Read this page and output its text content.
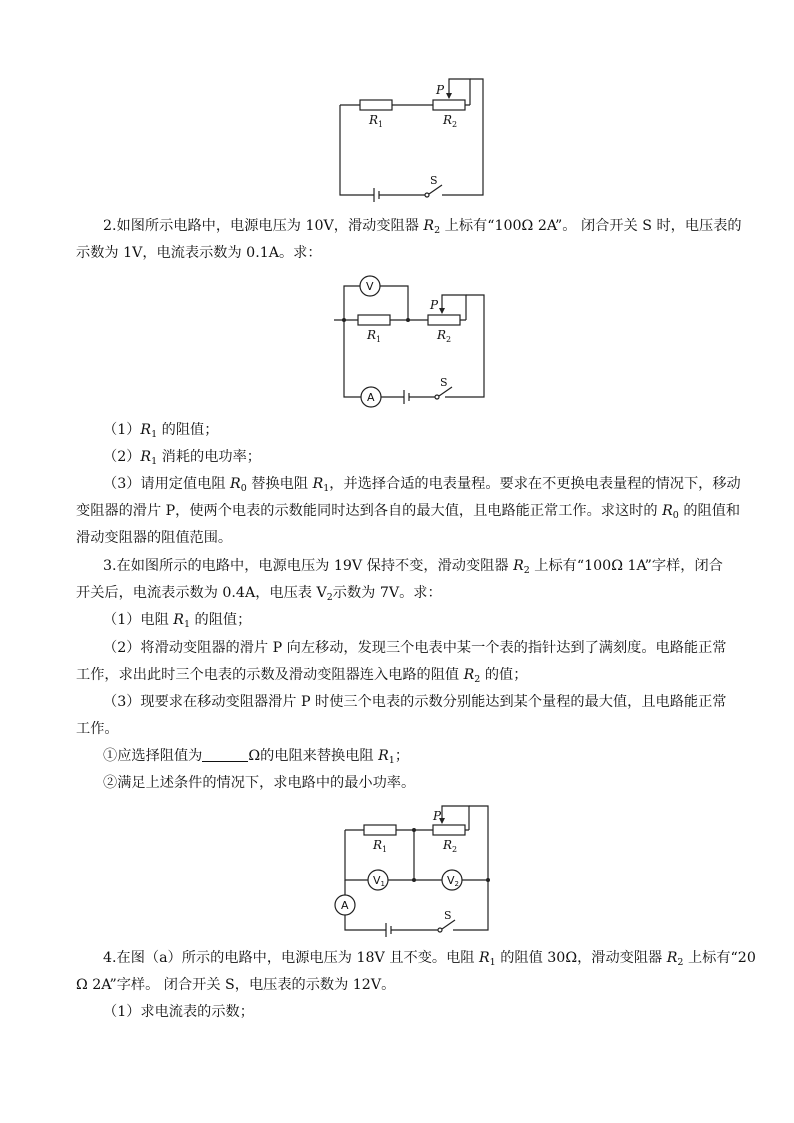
$R_1$	$R_2$
P
S
2.如图所示电路中，电源电压为 10V，滑动变阻器 $R_2$ 上标有“100Ω 2A”。 闭合开关 S 时，电压表的
示数为 1V，电流表示数为 0.1A。求：
V
A
$R_1$	$R_2$
P
S
$(1)R_1$ 的阻值；
$(2)R_1$ 消耗的电功率；
（3）请用定值电阻 $R_0$ 替换电阻 $R_1$，并选择合适的电表量程。要求在不更换电表量程的情况下，移动
变阻器的滑片 P，使两个电表的示数能同时达到各自的最大值，且电路能正常工作。求这时的 $R_0$ 的阻值和
滑动变阻器的阻值范围。
3.在如图所示的电路中，电源电压为 19V 保持不变，滑动变阻器 $R_2$ 上标有“100Ω 1A”字样，闭合
开关后，电流表示数为 0.4A，电压表 $V_2$示数为 7V。求：
（1）电阻 $R_1$ 的阻值；
（2）将滑动变阻器的滑片 P 向左移动，发现三个电表中某一个表的指针达到了满刻度。电路能正常
工作，求出此时三个电表的示数及滑动变阻器连入电路的阻值 $R_2$ 的值；
（3）现要求在移动变阻器滑片 P 时使三个电表的示数分别能达到某个量程的最大值，且电路能正常
工作。
①应选择阻值为	Ω的电阻来替换电阻 $R_1$；
②满足上述条件的情况下，求电路中的最小功率。
V1	V2
A
$R_1$	$R_2$
P
S
4.在图（a）所示的电路中，电源电压为 18V 且不变。电阻 $R_1$ 的阻值 30Ω，滑动变阻器 $R_2$ 上标有“20
Ω 2A”字样。 闭合开关 S，电压表的示数为 12V。
（1）求电流表的示数；
